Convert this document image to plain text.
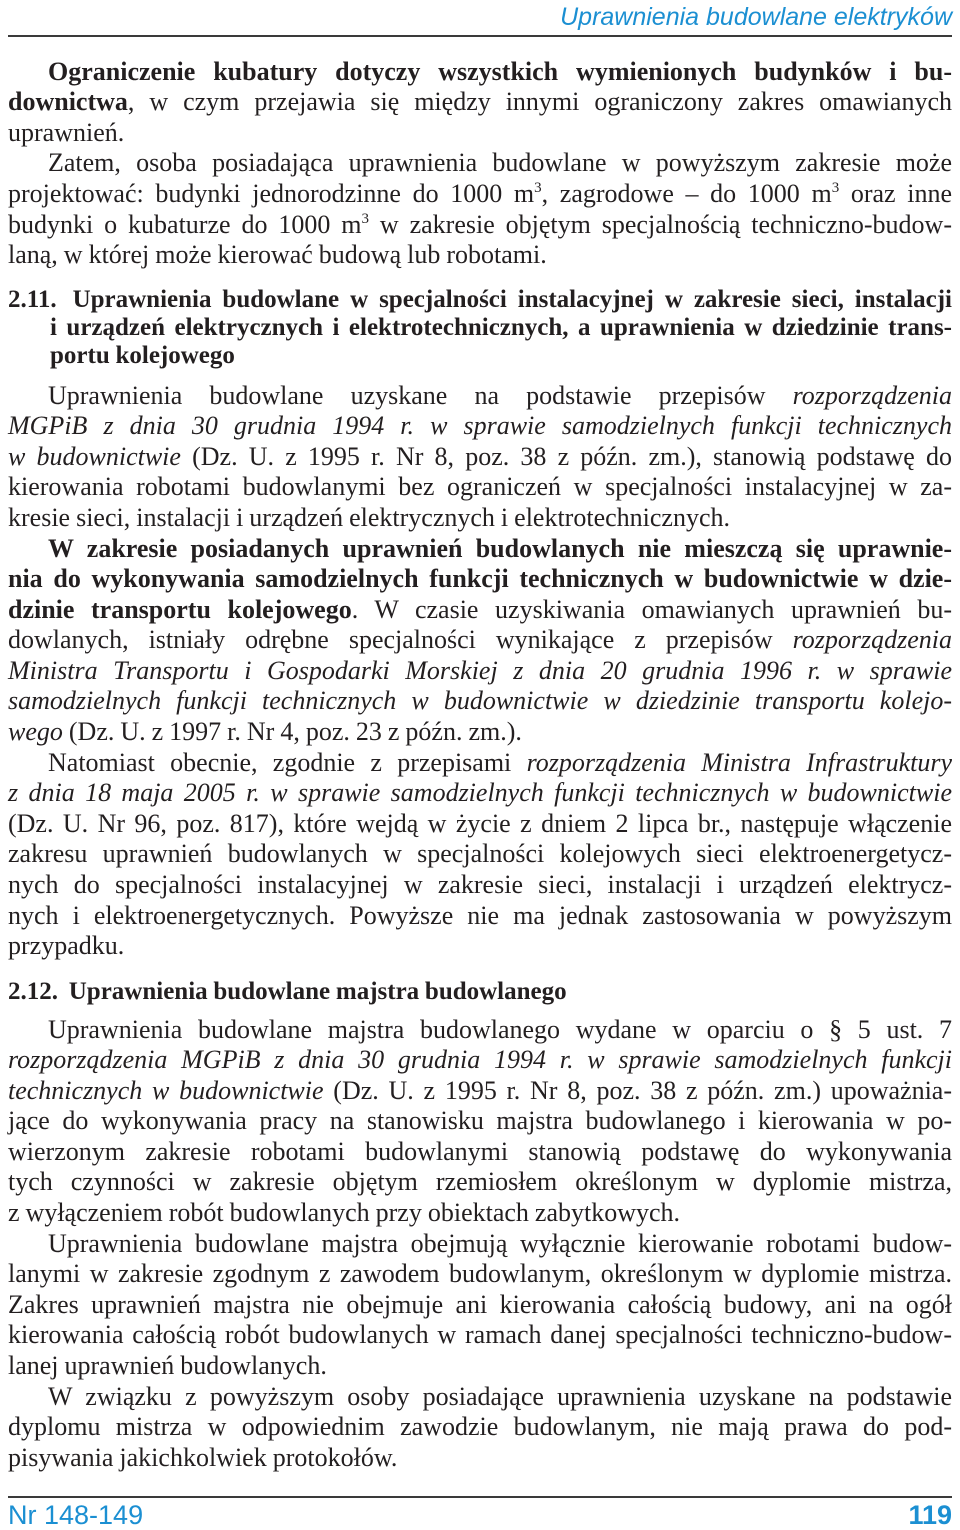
Uprawnienia budowlane elektryków
Ograniczenie kubatury dotyczy wszystkich wymienionych budynków i bu-
downictwa, w czym przejawia się między innymi ograniczony zakres omawianych
uprawnień.
Zatem, osoba posiadająca uprawnienia budowlane w powyższym zakresie może
projektować: budynki jednorodzinne do 1000 $m^3$, zagrodowe – do 1000 $m^3$ oraz inne
budynki o kubaturze do 1000 $m^3$ w zakresie objętym specjalnością techniczno-budow-
laną, w której może kierować budową lub robotami.
2.11. Uprawnienia budowlane w specjalności instalacyjnej w zakresie sieci, instalacji
i urządzeń elektrycznych i elektrotechnicznych, a uprawnienia w dziedzinie trans-
portu kolejowego
Uprawnienia budowlane uzyskane na podstawie przepisów rozporządzenia
MGPiB z dnia 30 grudnia 1994 r. w sprawie samodzielnych funkcji technicznych
w budownictwie (Dz. U. z 1995 r. Nr 8, poz. 38 z późn. zm.), stanowią podstawę do
kierowania robotami budowlanymi bez ograniczeń w specjalności instalacyjnej w za-
kresie sieci, instalacji i urządzeń elektrycznych i elektrotechnicznych.
W zakresie posiadanych uprawnień budowlanych nie mieszczą się uprawnie-
nia do wykonywania samodzielnych funkcji technicznych w budownictwie w dzie-
dzinie transportu kolejowego. W czasie uzyskiwania omawianych uprawnień bu-
dowlanych, istniały odrębne specjalności wynikające z przepisów rozporządzenia
Ministra Transportu i Gospodarki Morskiej z dnia 20 grudnia 1996 r. w sprawie
samodzielnych funkcji technicznych w budownictwie w dziedzinie transportu kolejo-
wego (Dz. U. z 1997 r. Nr 4, poz. 23 z późn. zm.).
Natomiast obecnie, zgodnie z przepisami rozporządzenia Ministra Infrastruktury
z dnia 18 maja 2005 r. w sprawie samodzielnych funkcji technicznych w budownictwie
(Dz. U. Nr 96, poz. 817), które wejdą w życie z dniem 2 lipca br., następuje włączenie
zakresu uprawnień budowlanych w specjalności kolejowych sieci elektroenergetycz-
nych do specjalności instalacyjnej w zakresie sieci, instalacji i urządzeń elektrycz-
nych i elektroenergetycznych. Powyższe nie ma jednak zastosowania w powyższym
przypadku.
2.12. Uprawnienia budowlane majstra budowlanego
Uprawnienia budowlane majstra budowlanego wydane w oparciu o § 5 ust. 7
rozporządzenia MGPiB z dnia 30 grudnia 1994 r. w sprawie samodzielnych funkcji
technicznych w budownictwie (Dz. U. z 1995 r. Nr 8, poz. 38 z późn. zm.) upoważnia-
jące do wykonywania pracy na stanowisku majstra budowlanego i kierowania w po-
wierzonym zakresie robotami budowlanymi stanowią podstawę do wykonywania
tych czynności w zakresie objętym rzemiosłem określonym w dyplomie mistrza,
z wyłączeniem robót budowlanych przy obiektach zabytkowych.
Uprawnienia budowlane majstra obejmują wyłącznie kierowanie robotami budow-
lanymi w zakresie zgodnym z zawodem budowlanym, określonym w dyplomie mistrza.
Zakres uprawnień majstra nie obejmuje ani kierowania całością budowy, ani na ogół
kierowania całością robót budowlanych w ramach danej specjalności techniczno-budow-
lanej uprawnień budowlanych.
W związku z powyższym osoby posiadające uprawnienia uzyskane na podstawie
dyplomu mistrza w odpowiednim zawodzie budowlanym, nie mają prawa do pod-
pisywania jakichkolwiek protokołów.
Nr 148-149	119
